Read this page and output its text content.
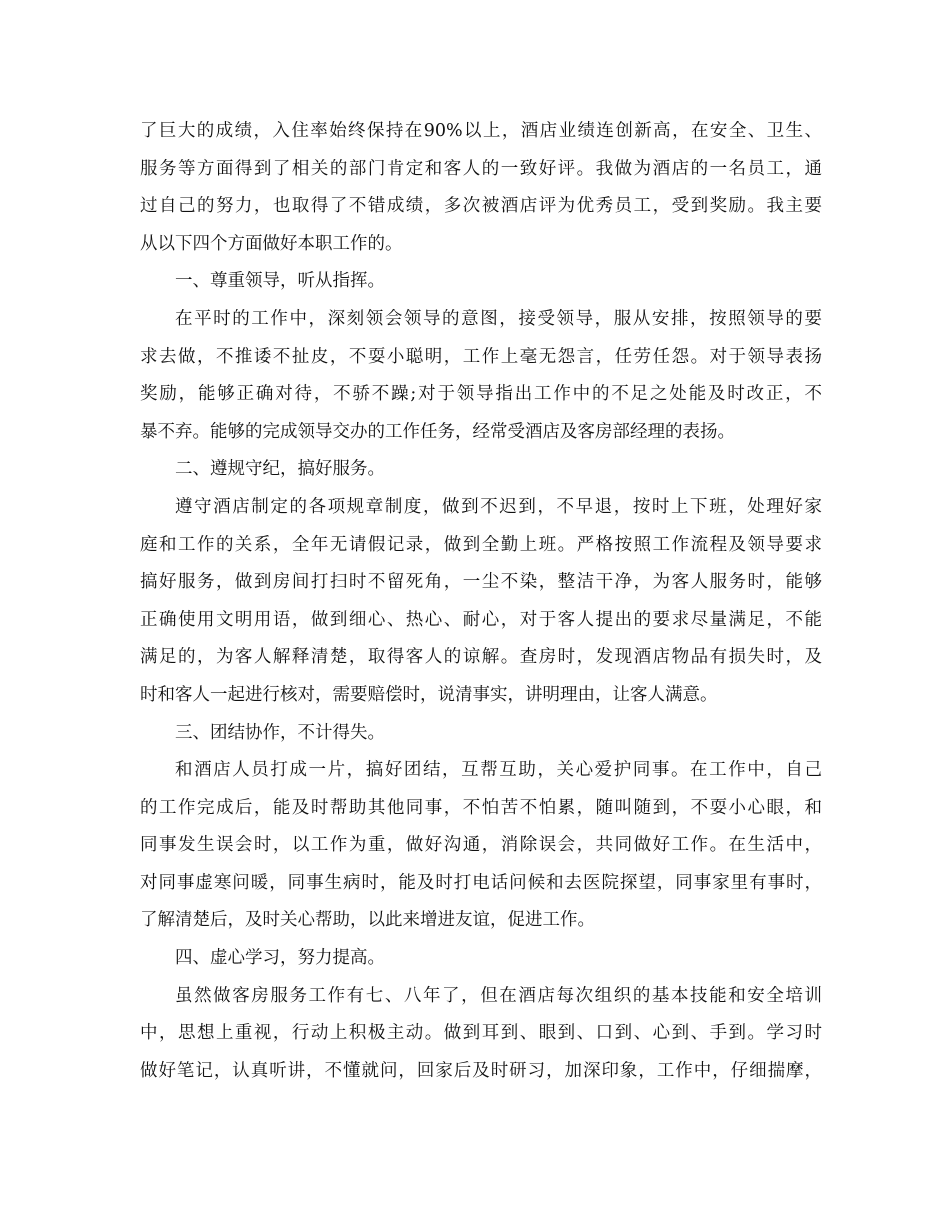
了巨大的成绩，入住率始终保持在90%以上，酒店业绩连创新高，在安全、卫生、
服务等方面得到了相关的部门肯定和客人的一致好评。我做为酒店的一名员工，通
过自己的努力，也取得了不错成绩，多次被酒店评为优秀员工，受到奖励。我主要
从以下四个方面做好本职工作的。
一、尊重领导，听从指挥。
在平时的工作中，深刻领会领导的意图，接受领导，服从安排，按照领导的要
求去做，不推诿不扯皮，不耍小聪明，工作上毫无怨言，任劳任怨。对于领导表扬
奖励，能够正确对待，不骄不躁;对于领导指出工作中的不足之处能及时改正，不
暴不弃。能够的完成领导交办的工作任务，经常受酒店及客房部经理的表扬。
二、遵规守纪，搞好服务。
遵守酒店制定的各项规章制度，做到不迟到，不早退，按时上下班，处理好家
庭和工作的关系，全年无请假记录，做到全勤上班。严格按照工作流程及领导要求
搞好服务，做到房间打扫时不留死角，一尘不染，整洁干净，为客人服务时，能够
正确使用文明用语，做到细心、热心、耐心，对于客人提出的要求尽量满足，不能
满足的，为客人解释清楚，取得客人的谅解。查房时，发现酒店物品有损失时，及
时和客人一起进行核对，需要赔偿时，说清事实，讲明理由，让客人满意。
三、团结协作，不计得失。
和酒店人员打成一片，搞好团结，互帮互助，关心爱护同事。在工作中，自己
的工作完成后，能及时帮助其他同事，不怕苦不怕累，随叫随到，不耍小心眼，和
同事发生误会时，以工作为重，做好沟通，消除误会，共同做好工作。在生活中，
对同事虚寒问暖，同事生病时，能及时打电话问候和去医院探望，同事家里有事时，
了解清楚后，及时关心帮助，以此来增进友谊，促进工作。
四、虚心学习，努力提高。
虽然做客房服务工作有七、八年了，但在酒店每次组织的基本技能和安全培训
中，思想上重视，行动上积极主动。做到耳到、眼到、口到、心到、手到。学习时
做好笔记，认真听讲，不懂就问，回家后及时研习，加深印象，工作中，仔细揣摩，
